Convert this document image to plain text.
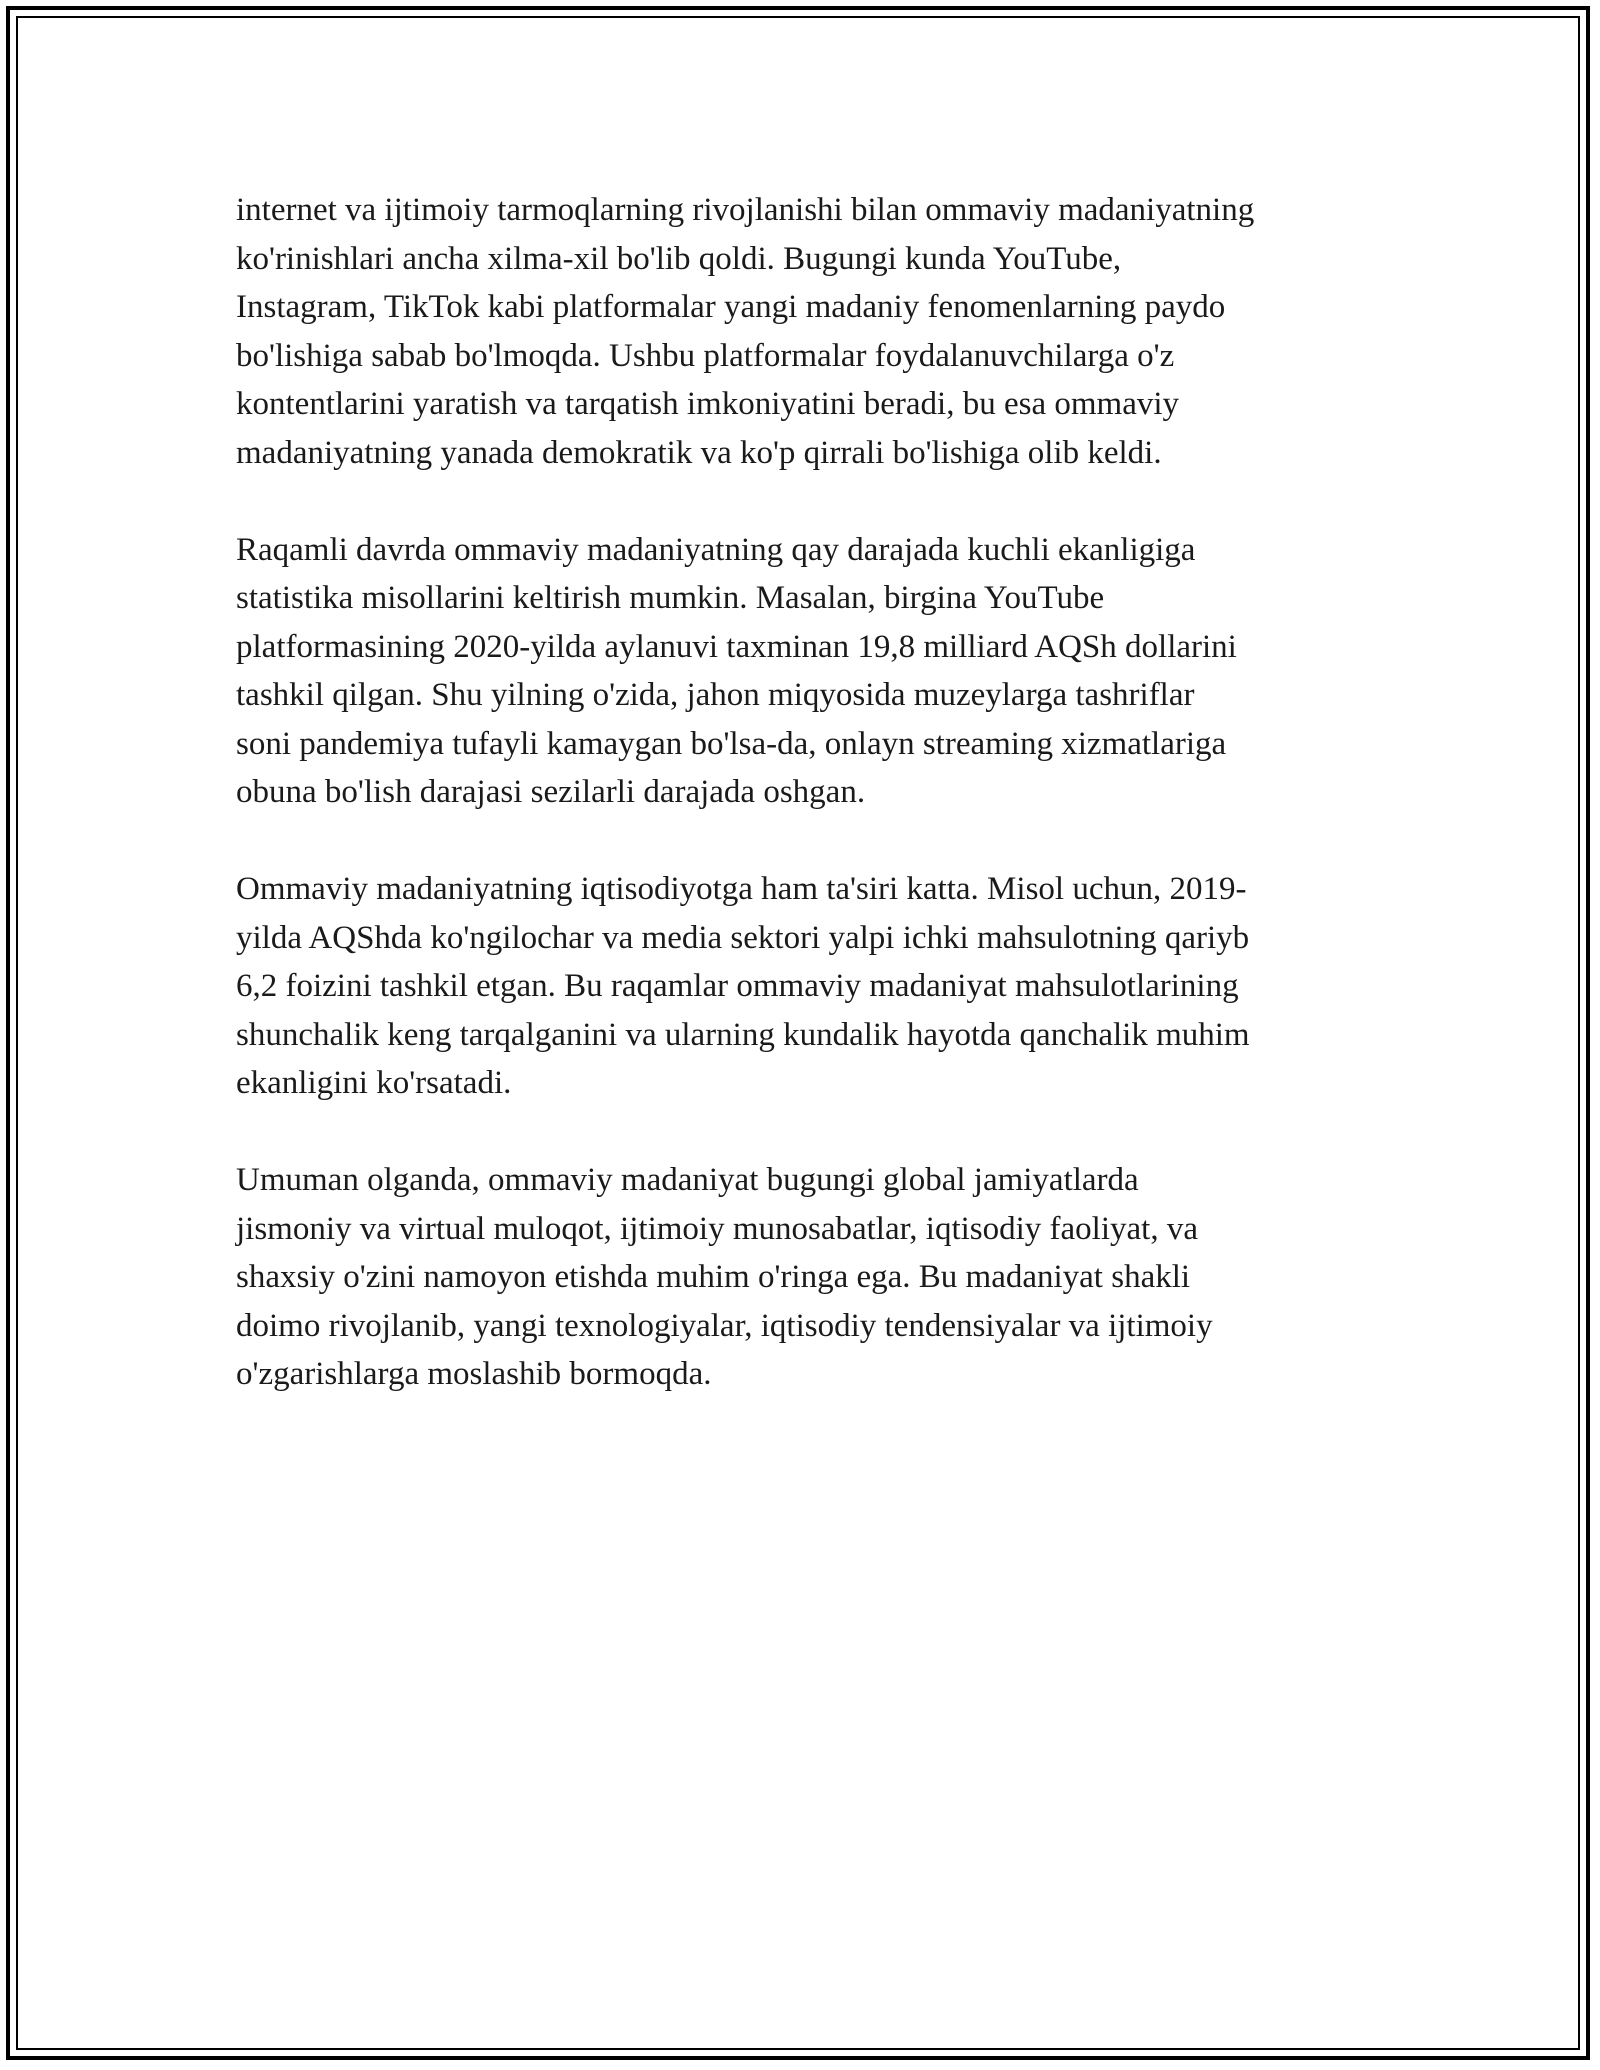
internet va ijtimoiy tarmoqlarning rivojlanishi bilan ommaviy madaniyatning
ko'rinishlari ancha xilma-xil bo'lib qoldi. Bugungi kunda YouTube,
Instagram, TikTok kabi platformalar yangi madaniy fenomenlarning paydo
bo'lishiga sabab bo'lmoqda. Ushbu platformalar foydalanuvchilarga o'z
kontentlarini yaratish va tarqatish imkoniyatini beradi, bu esa ommaviy
madaniyatning yanada demokratik va ko'p qirrali bo'lishiga olib keldi.

Raqamli davrda ommaviy madaniyatning qay darajada kuchli ekanligiga
statistika misollarini keltirish mumkin. Masalan, birgina YouTube
platformasining 2020-yilda aylanuvi taxminan 19,8 milliard AQSh dollarini
tashkil qilgan. Shu yilning o'zida, jahon miqyosida muzeylarga tashriflar
soni pandemiya tufayli kamaygan bo'lsa-da, onlayn streaming xizmatlariga
obuna bo'lish darajasi sezilarli darajada oshgan.

Ommaviy madaniyatning iqtisodiyotga ham ta'siri katta. Misol uchun, 2019-
yilda AQShda ko'ngilochar va media sektori yalpi ichki mahsulotning qariyb
6,2 foizini tashkil etgan. Bu raqamlar ommaviy madaniyat mahsulotlarining
shunchalik keng tarqalganini va ularning kundalik hayotda qanchalik muhim
ekanligini ko'rsatadi.

Umuman olganda, ommaviy madaniyat bugungi global jamiyatlarda
jismoniy va virtual muloqot, ijtimoiy munosabatlar, iqtisodiy faoliyat, va
shaxsiy o'zini namoyon etishda muhim o'ringa ega. Bu madaniyat shakli
doimo rivojlanib, yangi texnologiyalar, iqtisodiy tendensiyalar va ijtimoiy
o'zgarishlarga moslashib bormoqda.
